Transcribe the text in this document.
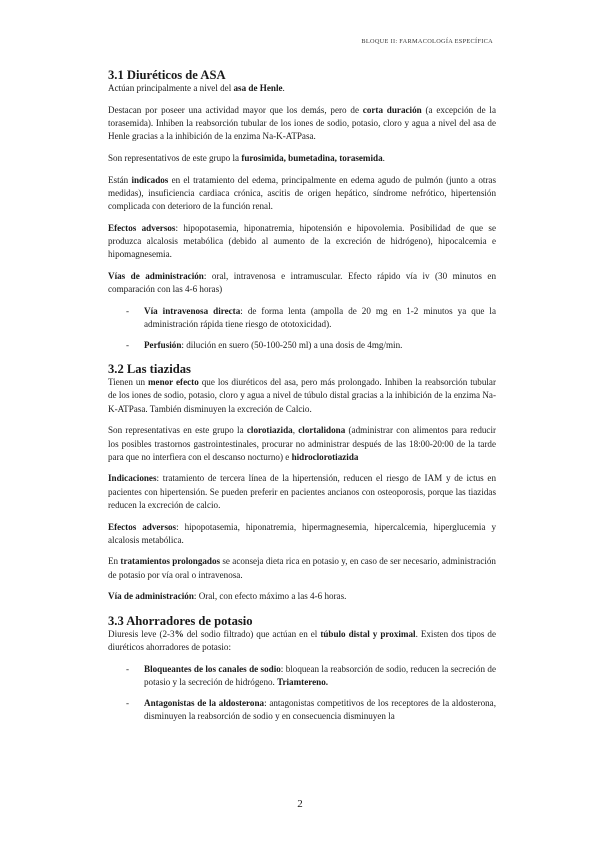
BLOQUE II: FARMACOLOGÍA ESPECÍFICA
3.1 Diuréticos de ASA

Actúan principalmente a nivel del asa de Henle.

Destacan por poseer una actividad mayor que los demás, pero de corta duración (a excepción de la torasemida). Inhiben la reabsorción tubular de los iones de sodio, potasio, cloro y agua a nivel del asa de Henle gracias a la inhibición de la enzima Na-K-ATPasa.

Son representativos de este grupo la furosimida, bumetadina, torasemida.

Están indicados en el tratamiento del edema, principalmente en edema agudo de pulmón (junto a otras medidas), insuficiencia cardiaca crónica, ascitis de origen hepático, síndrome nefrótico, hipertensión complicada con deterioro de la función renal.

Efectos adversos: hipopotasemia, hiponatremia, hipotensión e hipovolemia. Posibilidad de que se produzca alcalosis metabólica (debido al aumento de la excreción de hidrógeno), hipocalcemia e hipomagnesemia.

Vías de administración: oral, intravenosa e intramuscular. Efecto rápido vía iv (30 minutos en comparación con las 4-6 horas)

- Vía intravenosa directa: de forma lenta (ampolla de 20 mg en 1-2 minutos ya que la administración rápida tiene riesgo de ototoxicidad).
- Perfusión: dilución en suero (50-100-250 ml) a una dosis de 4mg/min.
3.2 Las tiazidas

Tienen un menor efecto que los diuréticos del asa, pero más prolongado. Inhiben la reabsorción tubular de los iones de sodio, potasio, cloro y agua a nivel de túbulo distal gracias a la inhibición de la enzima Na-K-ATPasa. También disminuyen la excreción de Calcio.

Son representativas en este grupo la clorotiazida, clortalidona (administrar con alimentos para reducir los posibles trastornos gastrointestinales, procurar no administrar después de las 18:00-20:00 de la tarde para que no interfiera con el descanso nocturno) e hidroclorotiazida

Indicaciones: tratamiento de tercera línea de la hipertensión, reducen el riesgo de IAM y de ictus en pacientes con hipertensión. Se pueden preferir en pacientes ancianos con osteoporosis, porque las tiazidas reducen la excreción de calcio.

Efectos adversos: hipopotasemia, hiponatremia, hipermagnesemia, hipercalcemia, hiperglucemia y alcalosis metabólica.

En tratamientos prolongados se aconseja dieta rica en potasio y, en caso de ser necesario, administración de potasio por vía oral o intravenosa.

Vía de administración: Oral, con efecto máximo a las 4-6 horas.

3.3 Ahorradores de potasio

Diuresis leve (2-3% del sodio filtrado) que actúan en el túbulo distal y proximal. Existen dos tipos de diuréticos ahorradores de potasio:

- Bloqueantes de los canales de sodio: bloquean la reabsorción de sodio, reducen la secreción de potasio y la secreción de hidrógeno. Triamtereno.
- Antagonistas de la aldosterona: antagonistas competitivos de los receptores de la aldosterona, disminuyen la reabsorción de sodio y en consecuencia disminuyen la
2
